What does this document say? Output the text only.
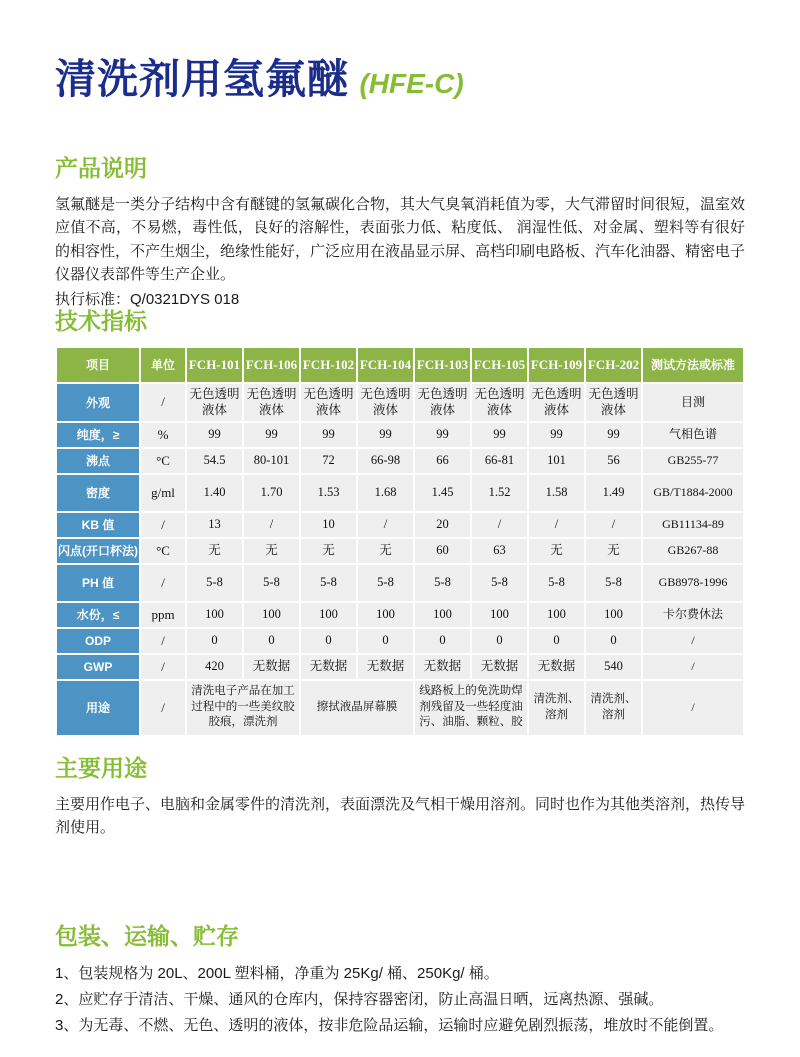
清洗剂用氢氟醚 (HFE-C)
产品说明
氢氟醚是一类分子结构中含有醚键的氢氟碳化合物，其大气臭氧消耗值为零，大气滞留时间很短，温室效应值不高，不易燃，毒性低，良好的溶解性，表面张力低、粘度低、 润湿性低、对金属、塑料等有很好的相容性，不产生烟尘，绝缘性能好，广泛应用在液晶显示屏、高档印刷电路板、汽车化油器、精密电子仪器仪表部件等生产企业。
执行标准：Q/0321DYS 018
技术指标
项目	单位	FCH-101	FCH-106	FCH-102	FCH-104	FCH-103	FCH-105	FCH-109	FCH-202	测试方法或标准
外观	/	无色透明液体	无色透明液体	无色透明液体	无色透明液体	无色透明液体	无色透明液体	无色透明液体	无色透明液体	目测
纯度，≥	%	99	99	99	99	99	99	99	99	气相色谱
沸点	°C	54.5	80-101	72	66-98	66	66-81	101	56	GB255-77
密度	g/ml	1.40	1.70	1.53	1.68	1.45	1.52	1.58	1.49	GB/T1884-2000
KB 值	/	13	/	10	/	20	/	/	/	GB11134-89
闪点(开口杯法)	°C	无	无	无	无	60	63	无	无	GB267-88
PH 值	/	5-8	5-8	5-8	5-8	5-8	5-8	5-8	5-8	GB8978-1996
水份，≤	ppm	100	100	100	100	100	100	100	100	卡尔费休法
ODP	/	0	0	0	0	0	0	0	0	/
GWP	/	420	无数据	无数据	无数据	无数据	无数据	无数据	540	/
用途	/	清洗电子产品在加工过程中的一些美纹胶胶痕，漂洗剂		擦拭液晶屏幕膜		线路板上的免洗助焊剂残留及一些轻度油污、油脂、颗粒、胶		清洗剂、溶剂	清洗剂、溶剂	/
主要用途
主要用作电子、电脑和金属零件的清洗剂，表面漂洗及气相干燥用溶剂。同时也作为其他类溶剂，热传导剂使用。
包装、运输、贮存
1、包装规格为 20L、200L 塑料桶，净重为 25Kg/ 桶、250Kg/ 桶。
2、应贮存于清洁、干燥、通风的仓库内，保持容器密闭，防止高温日晒，远离热源、强碱。
3、为无毒、不燃、无色、透明的液体，按非危险品运输，运输时应避免剧烈振荡，堆放时不能倒置。
